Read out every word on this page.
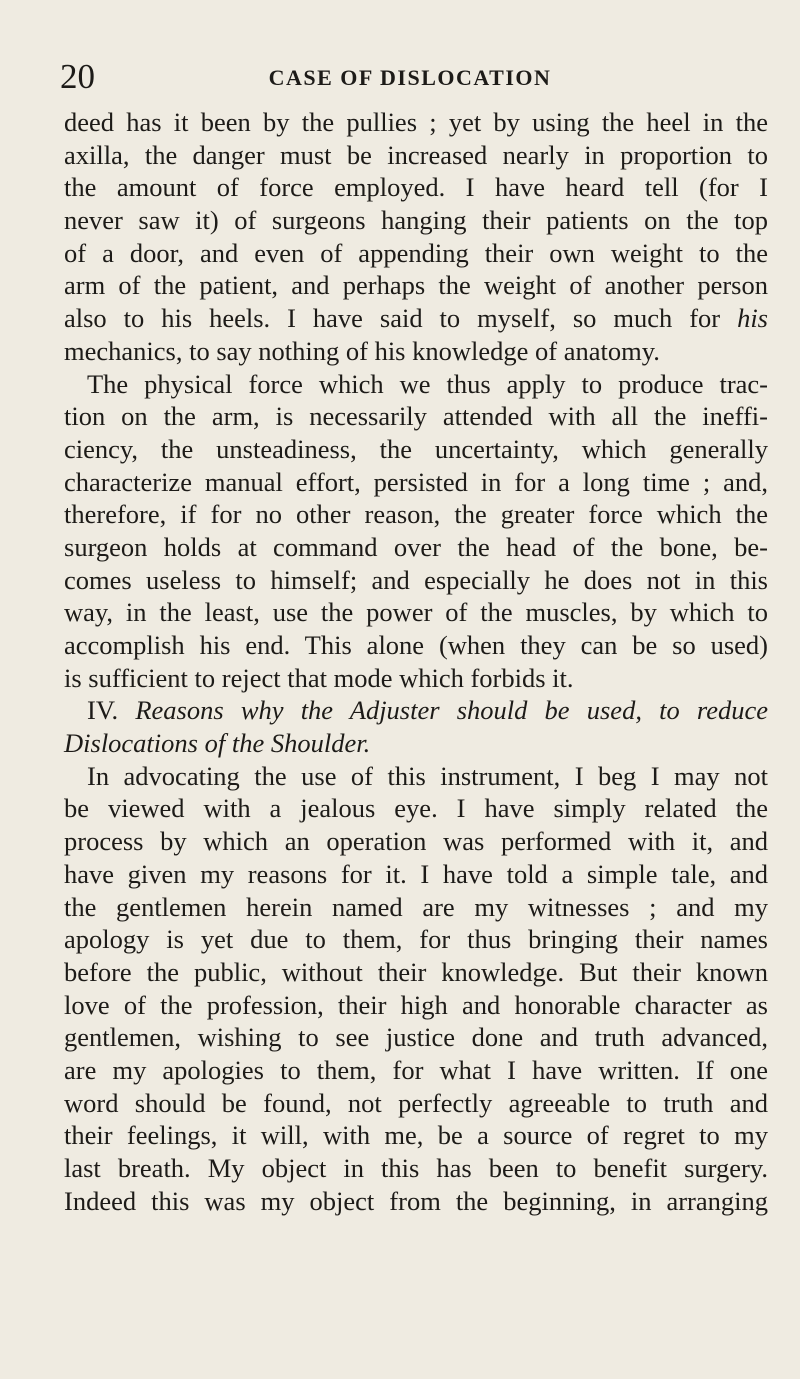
20	CASE OF DISLOCATION
deed has it been by the pullies ; yet by using the heel in the
axilla, the danger must be increased nearly in proportion to
the amount of force employed. I have heard tell (for I
never saw it) of surgeons hanging their patients on the top
of a door, and even of appending their own weight to the
arm of the patient, and perhaps the weight of another person
also to his heels. I have said to myself, so much for his
mechanics, to say nothing of his knowledge of anatomy.
The physical force which we thus apply to produce trac-
tion on the arm, is necessarily attended with all the ineffi-
ciency, the unsteadiness, the uncertainty, which generally
characterize manual effort, persisted in for a long time ; and,
therefore, if for no other reason, the greater force which the
surgeon holds at command over the head of the bone, be-
comes useless to himself; and especially he does not in this
way, in the least, use the power of the muscles, by which to
accomplish his end. This alone (when they can be so used)
is sufficient to reject that mode which forbids it.
IV. Reasons why the Adjuster should be used, to reduce
Dislocations of the Shoulder.
In advocating the use of this instrument, I beg I may not
be viewed with a jealous eye. I have simply related the
process by which an operation was performed with it, and
have given my reasons for it. I have told a simple tale, and
the gentlemen herein named are my witnesses ; and my
apology is yet due to them, for thus bringing their names
before the public, without their knowledge. But their known
love of the profession, their high and honorable character as
gentlemen, wishing to see justice done and truth advanced,
are my apologies to them, for what I have written. If one
word should be found, not perfectly agreeable to truth and
their feelings, it will, with me, be a source of regret to my
last breath. My object in this has been to benefit surgery.
Indeed this was my object from the beginning, in arranging
